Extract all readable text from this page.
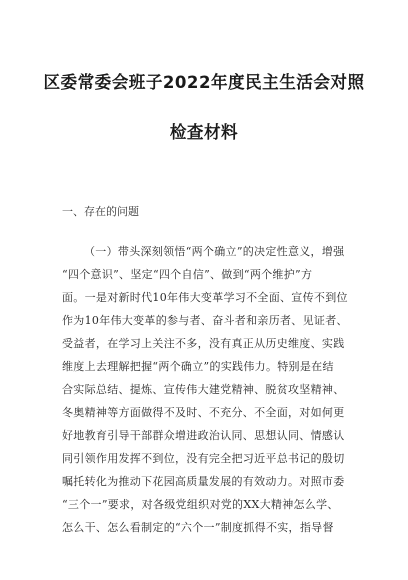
区委常委会班子2022年度民主生活会对照
检查材料
一、存在的问题
（一）带头深刻领悟“两个确立”的决定性意义，增强
“四个意识”、坚定“四个自信”、做到“两个维护”方
面。一是对新时代10年伟大变革学习不全面、宣传不到位
作为10年伟大变革的参与者、奋斗者和亲历者、见证者、
受益者，在学习上关注不多，没有真正从历史维度、实践
维度上去理解把握“两个确立”的实践伟力。特别是在结
合实际总结、提炼、宣传伟大建党精神、脱贫攻坚精神、
冬奥精神等方面做得不及时、不充分、不全面，对如何更
好地教育引导干部群众增进政治认同、思想认同、情感认
同引领作用发挥不到位，没有完全把习近平总书记的殷切
嘱托转化为推动下花园高质量发展的有效动力。对照市委
“三个一”要求，对各级党组织对党的XX大精神怎么学、
怎么干、怎么看制定的“六个一”制度抓得不实，指导督
